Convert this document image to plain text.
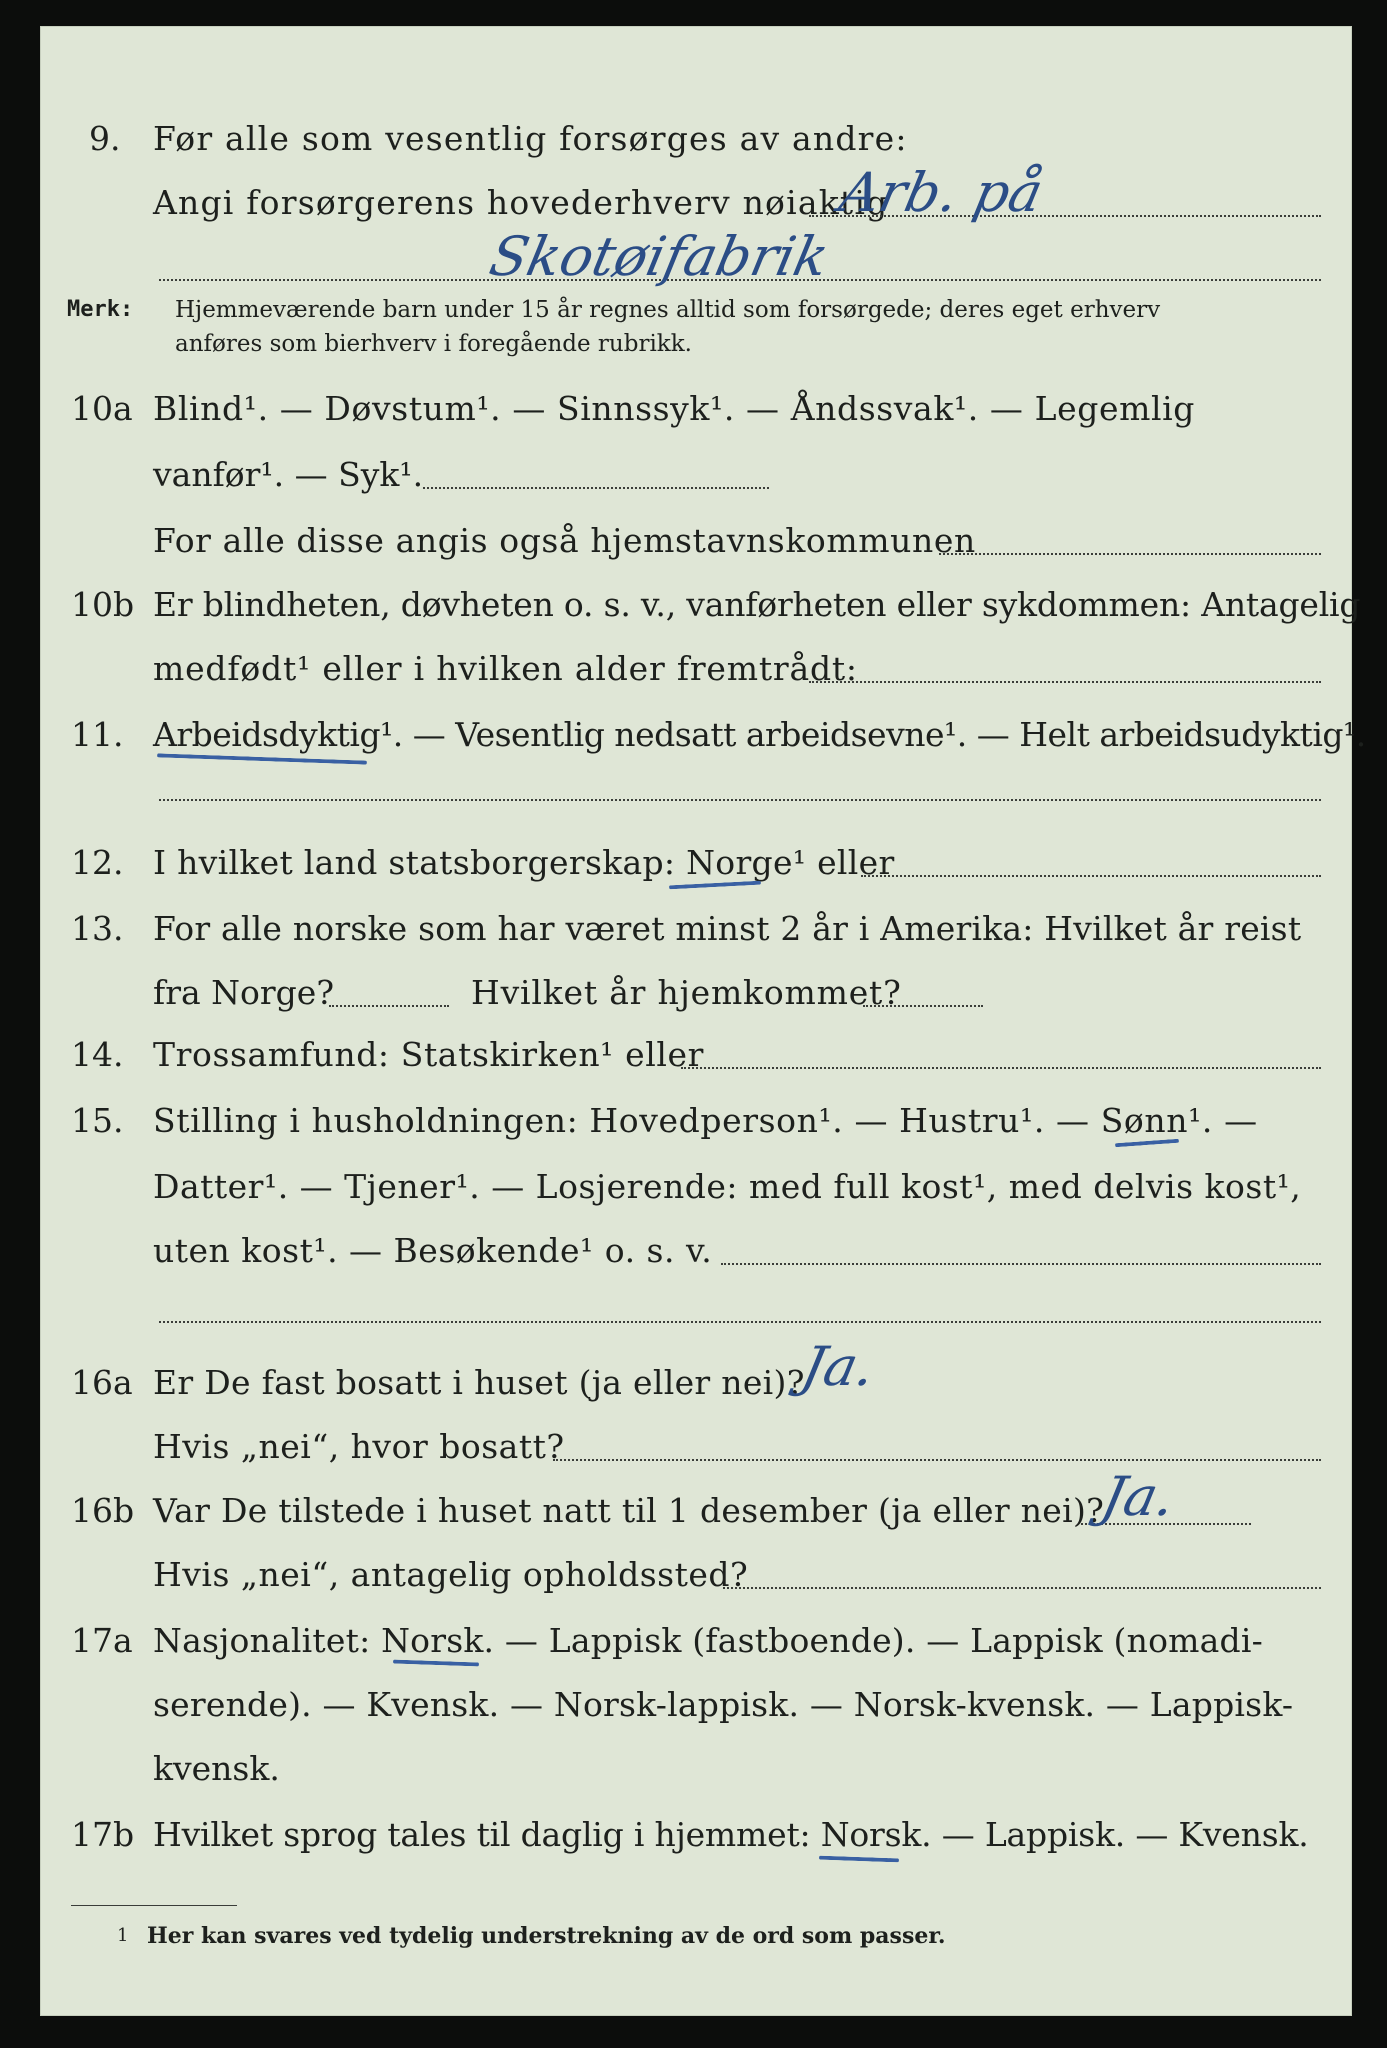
9. Før alle som vesentlig forsørges av andre:
Angi forsørgerens hovederhverv nøiaktig
Arb. på
Skotøifabrik
Merk: Hjemmeværende barn under 15 år regnes alltid som forsørgede; deres eget erhverv
anføres som bierhverv i foregående rubrikk.
10a Blind¹. — Døvstum¹. — Sinnssyk¹. — Åndssvak¹. — Legemlig
vanfør¹. — Syk¹.
For alle disse angis også hjemstavnskommunen
10b Er blindheten, døvheten o. s. v., vanførheten eller sykdommen: Antagelig
medfødt¹ eller i hvilken alder fremtrådt:
11. Arbeidsdyktig¹. — Vesentlig nedsatt arbeidsevne¹. — Helt arbeidsudyktig¹.
12. I hvilket land statsborgerskap: Norge¹ eller
13. For alle norske som har været minst 2 år i Amerika: Hvilket år reist
fra Norge?	Hvilket år hjemkommet?
14. Trossamfund: Statskirken¹ eller
15. Stilling i husholdningen: Hovedperson¹. — Hustru¹. — Sønn¹. —
Datter¹. — Tjener¹. — Losjerende: med full kost¹, med delvis kost¹,
uten kost¹. — Besøkende¹ o. s. v.
16a Er De fast bosatt i huset (ja eller nei)?
Ja.
Hvis „nei“, hvor bosatt?
16b Var De tilstede i huset natt til 1 desember (ja eller nei)?
Ja.
Hvis „nei“, antagelig opholdssted?
17a Nasjonalitet: Norsk. — Lappisk (fastboende). — Lappisk (nomadi-
serende). — Kvensk. — Norsk-lappisk. — Norsk-kvensk. — Lappisk-
kvensk.
17b Hvilket sprog tales til daglig i hjemmet: Norsk. — Lappisk. — Kvensk.
1 Her kan svares ved tydelig understrekning av de ord som passer.
